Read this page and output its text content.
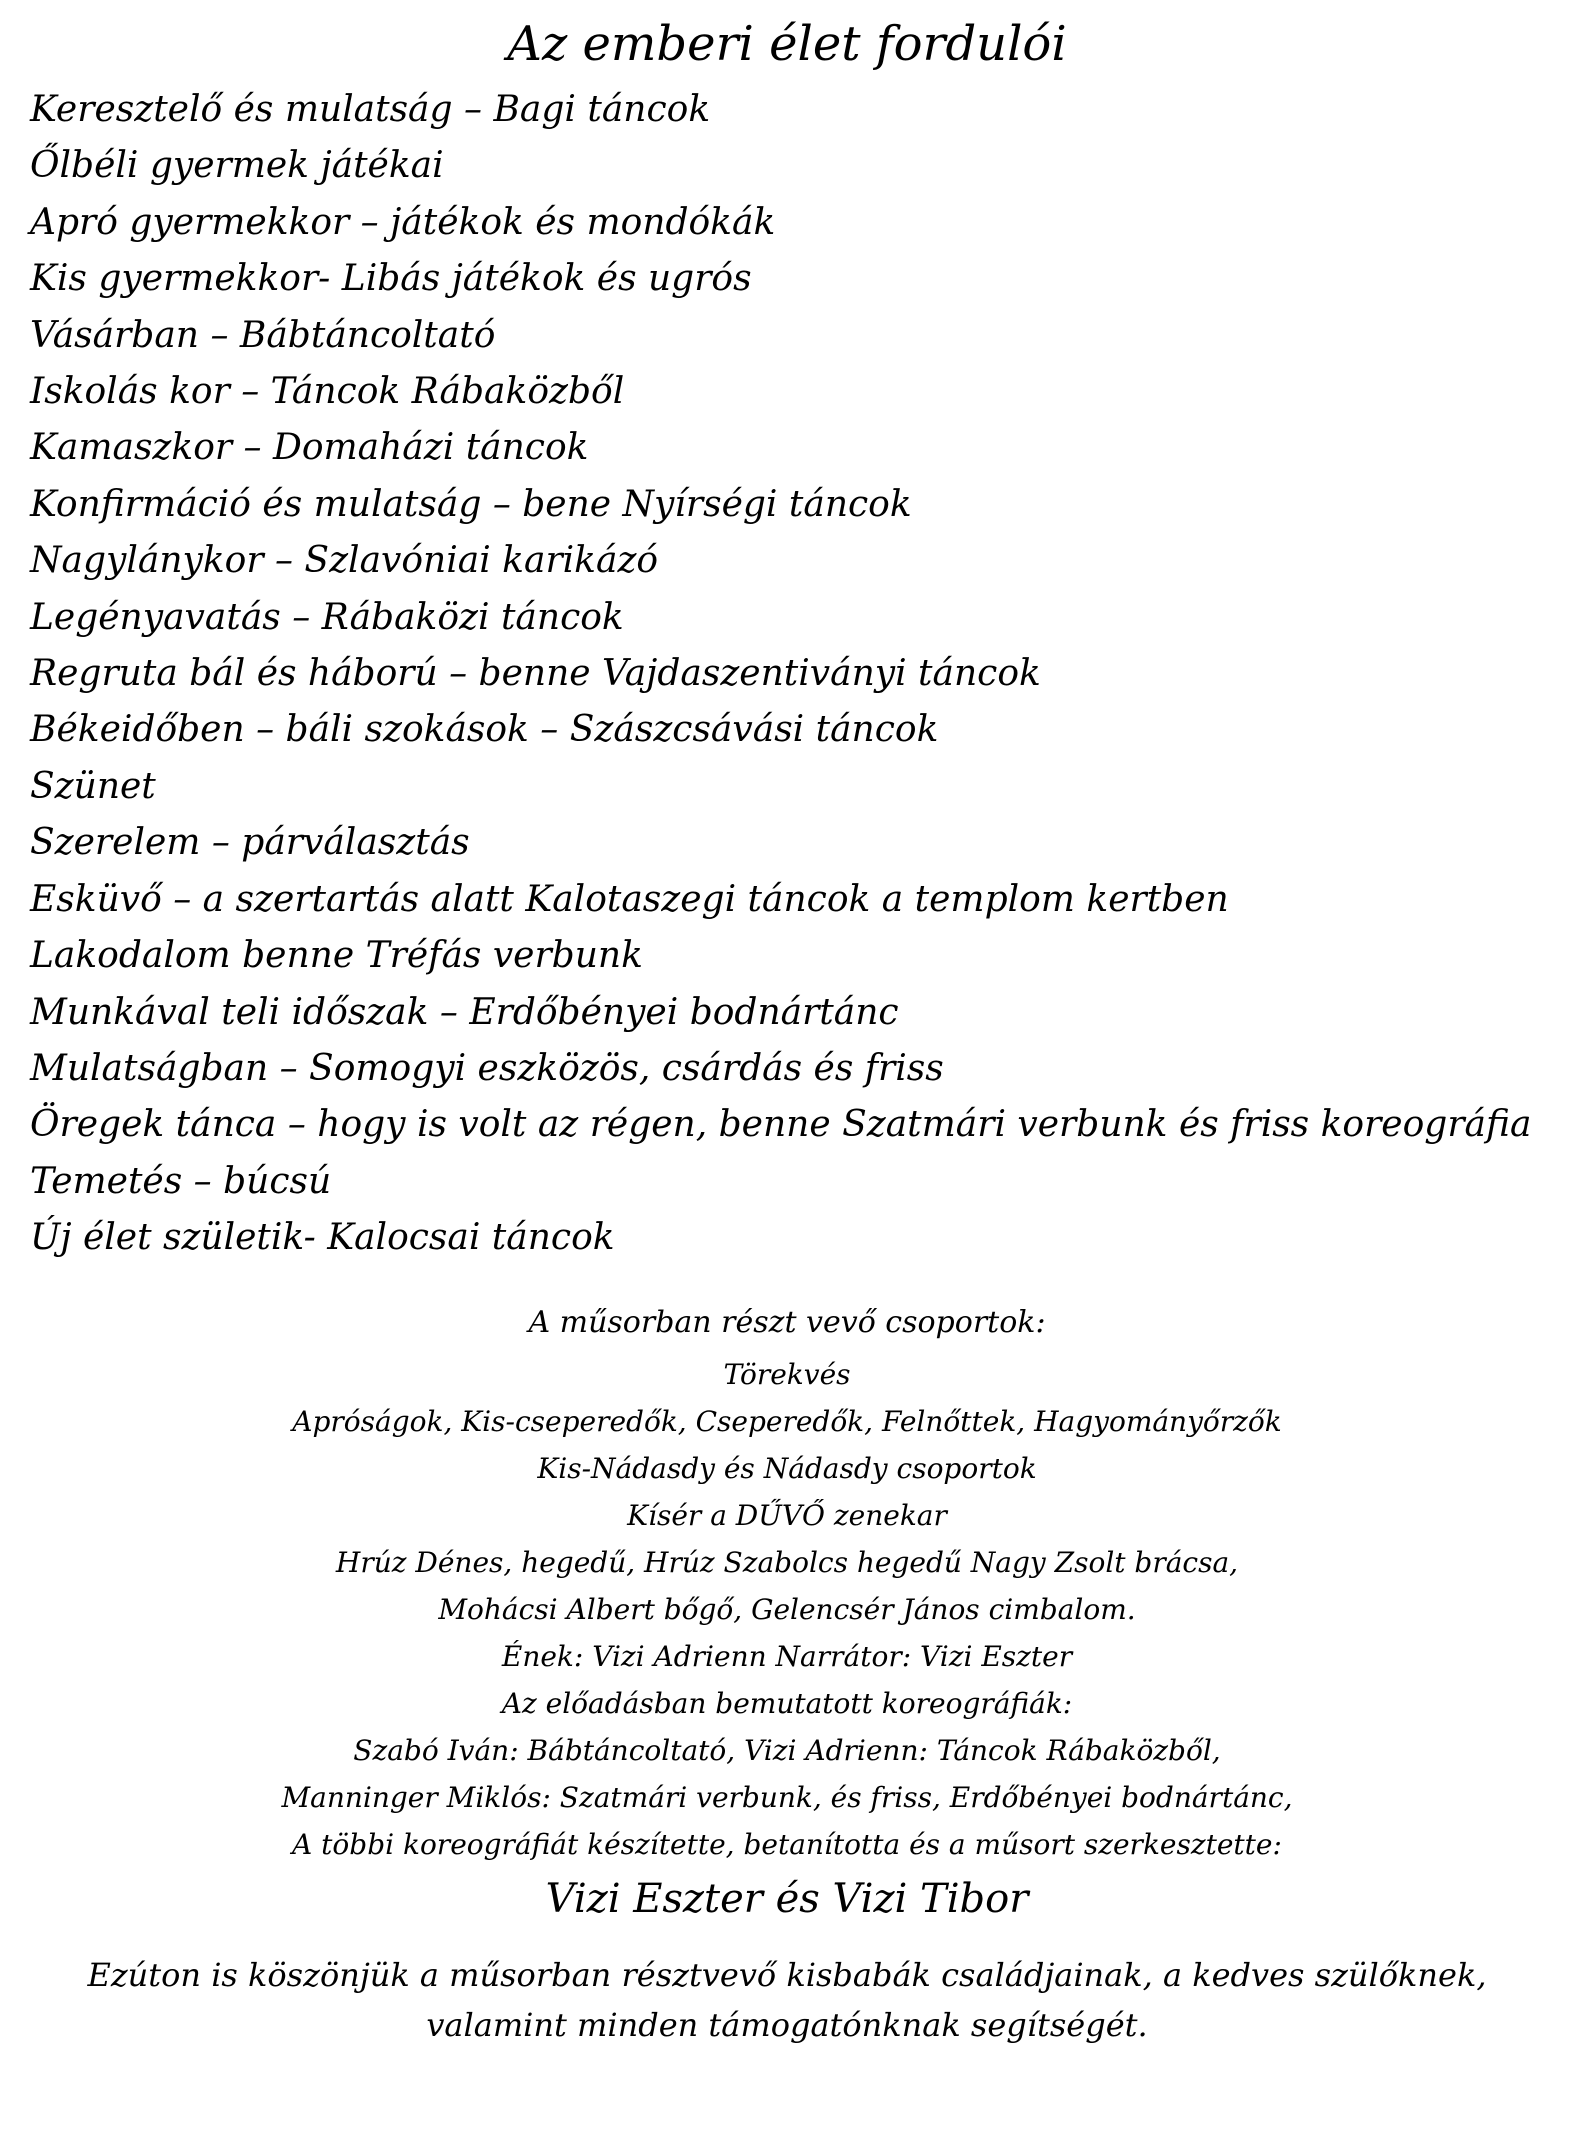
Az emberi élet fordulói
Keresztelő és mulatság – Bagi táncok
Őlbéli gyermek játékai
Apró gyermekkor – játékok és mondókák
Kis gyermekkor- Libás játékok és ugrós
Vásárban – Bábtáncoltató
Iskolás kor – Táncok Rábaközből
Kamaszkor – Domaházi táncok
Konfirmáció és mulatság – bene Nyírségi táncok
Nagylánykor – Szlavóniai karikázó
Legényavatás – Rábaközi táncok
Regruta bál és háború – benne Vajdaszentiványi táncok
Békeidőben – báli szokások – Szászcsávási táncok
Szünet
Szerelem – párválasztás
Esküvő – a szertartás alatt Kalotaszegi táncok a templom kertben
Lakodalom benne Tréfás verbunk
Munkával teli időszak – Erdőbényei bodnártánc
Mulatságban – Somogyi eszközös, csárdás és friss
Öregek tánca – hogy is volt az régen, benne Szatmári verbunk és friss koreográfia
Temetés – búcsú
Új élet születik- Kalocsai táncok
A műsorban részt vevő csoportok:
Törekvés
Apróságok, Kis-cseperedők, Cseperedők, Felnőttek, Hagyományőrzők
Kis-Nádasdy és Nádasdy csoportok
Kísér a DŰVŐ zenekar
Hrúz Dénes, hegedű, Hrúz Szabolcs hegedű Nagy Zsolt brácsa,
Mohácsi Albert bőgő, Gelencsér János cimbalom.
Ének: Vizi Adrienn Narrátor: Vizi Eszter
Az előadásban bemutatott koreográfiák:
Szabó Iván: Bábtáncoltató, Vizi Adrienn: Táncok Rábaközből,
Manninger Miklós: Szatmári verbunk, és friss, Erdőbényei bodnártánc,
A többi koreográfiát készítette, betanította és a műsort szerkesztette:
Vizi Eszter és Vizi Tibor
Ezúton is köszönjük a műsorban résztvevő kisbabák családjainak, a kedves szülőknek,
valamint minden támogatónknak segítségét.
